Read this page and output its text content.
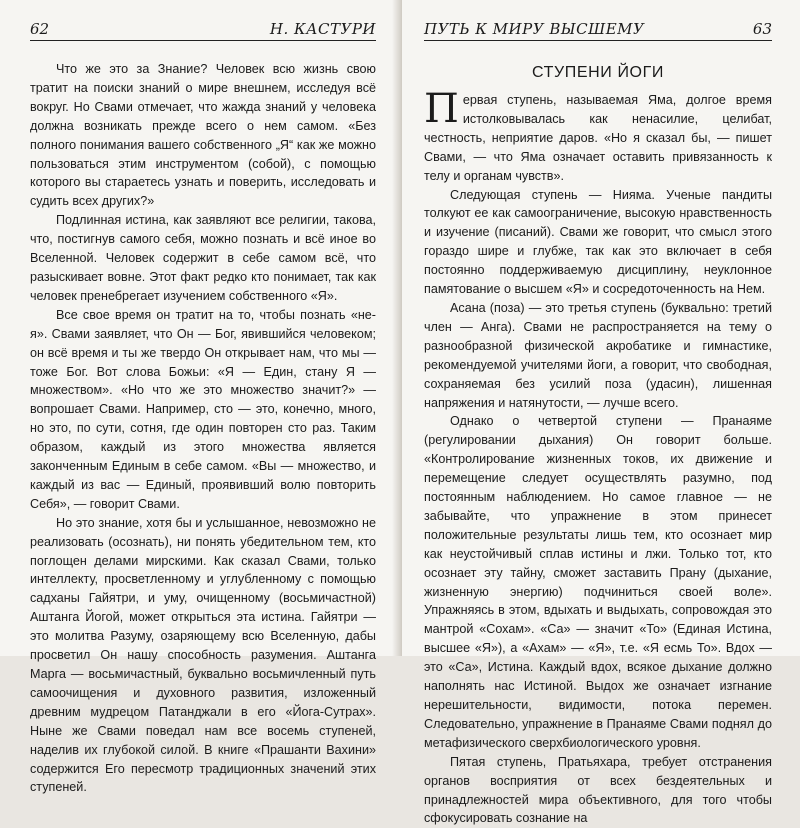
62	Н. КАСТУРИ

Что же это за Знание? Человек всю жизнь свою тратит на поиски знаний о мире внешнем, исследуя всё вокруг. Но Свами отмечает, что жажда знаний у человека должна возникать прежде всего о нем самом. «Без полного понимания вашего собственного „Я“ как же можно пользоваться этим инструментом (собой), с помощью которого вы стараетесь узнать и поверить, исследовать и судить всех других?»

Подлинная истина, как заявляют все религии, такова, что, постигнув самого себя, можно познать и всё иное во Вселенной. Человек содержит в себе самом всё, что разыскивает вовне. Этот факт редко кто понимает, так как человек пренебрегает изучением собственного «Я».

Все свое время он тратит на то, чтобы познать «не-я». Свами заявляет, что Он — Бог, явившийся человеком; он всё время и ты же твердо Он открывает нам, что мы — тоже Бог. Вот слова Божьи: «Я — Един, стану Я — множеством». «Но что же это множество значит?» — вопрошает Свами. Например, сто — это, конечно, много, но это, по сути, сотня, где один повторен сто раз. Таким образом, каждый из этого множества является законченным Единым в себе самом. «Вы — множество, и каждый из вас — Единый, проявивший волю повторить Себя», — говорит Свами.

Но это знание, хотя бы и услышанное, невозможно не реализовать (осознать), ни понять убедительном тем, кто поглощен делами мирскими. Как сказал Свами, только интеллекту, просветленному и углубленному с помощью садханы Гайятри, и уму, очищенному (восьмичастной) Аштанга Йогой, может открыться эта истина. Гайятри — это молитва Разуму, озаряющему всю Вселенную, дабы просветил Он нашу способность разумения. Аштанга Марга — восьмичастный, буквально восьмичленный путь самоочищения и духовного развития, изложенный древним мудрецом Патанджали в его «Йога-Сутрах». Ныне же Свами поведал нам все восемь ступеней, наделив их глубокой силой. В книге «Прашанти Вахини» содержится Его пересмотр традиционных значений этих ступеней.

ПУТЬ К МИРУ ВЫСШЕМУ	63
СТУПЕНИ ЙОГИ

Первая ступень, называемая Яма, долгое время истолковывалась как ненасилие, целибат, честность, неприятие даров. «Но я сказал бы, — пишет Свами, — что Яма означает оставить привязанность к телу и органам чувств».

Следующая ступень — Нияма. Ученые пандиты толкуют ее как самоограничение, высокую нравственность и изучение (писаний). Свами же говорит, что смысл этого гораздо шире и глубже, так как это включает в себя постоянно поддерживаемую дисциплину, неуклонное памятование о высшем «Я» и сосредоточенность на Нем.

Асана (поза) — это третья ступень (буквально: третий член — Анга). Свами не распространяется на тему о разнообразной физической акробатике и гимнастике, рекомендуемой учителями йоги, а говорит, что свободная, сохраняемая без усилий поза (удасин), лишенная напряжения и натянутости, — лучше всего.

Однако о четвертой ступени — Пранаяме (регулировании дыхания) Он говорит больше. «Контролирование жизненных токов, их движение и перемещение следует осуществлять разумно, под постоянным наблюдением. Но самое главное — не забывайте, что упражнение в этом принесет положительные результаты лишь тем, кто осознает мир как неустойчивый сплав истины и лжи. Только тот, кто осознает эту тайну, сможет заставить Прану (дыхание, жизненную энергию) подчиниться своей воле». Упражняясь в этом, вдыхать и выдыхать, сопровождая это мантрой «Сохам». «Са» — значит «То» (Единая Истина, высшее «Я»), а «Ахам» — «Я», т.е. «Я есмь То». Вдох — это «Са», Истина. Каждый вдох, всякое дыхание должно наполнять нас Истиной. Выдох же означает изгнание нерешительности, видимости, потока перемен. Следовательно, упражнение в Пранаяме Свами поднял до метафизического сверхбиологического уровня.

Пятая ступень, Пратьяхара, требует отстранения органов восприятия от всех бездеятельных и принадлежностей мира объективного, для того чтобы сфокусировать сознание на
